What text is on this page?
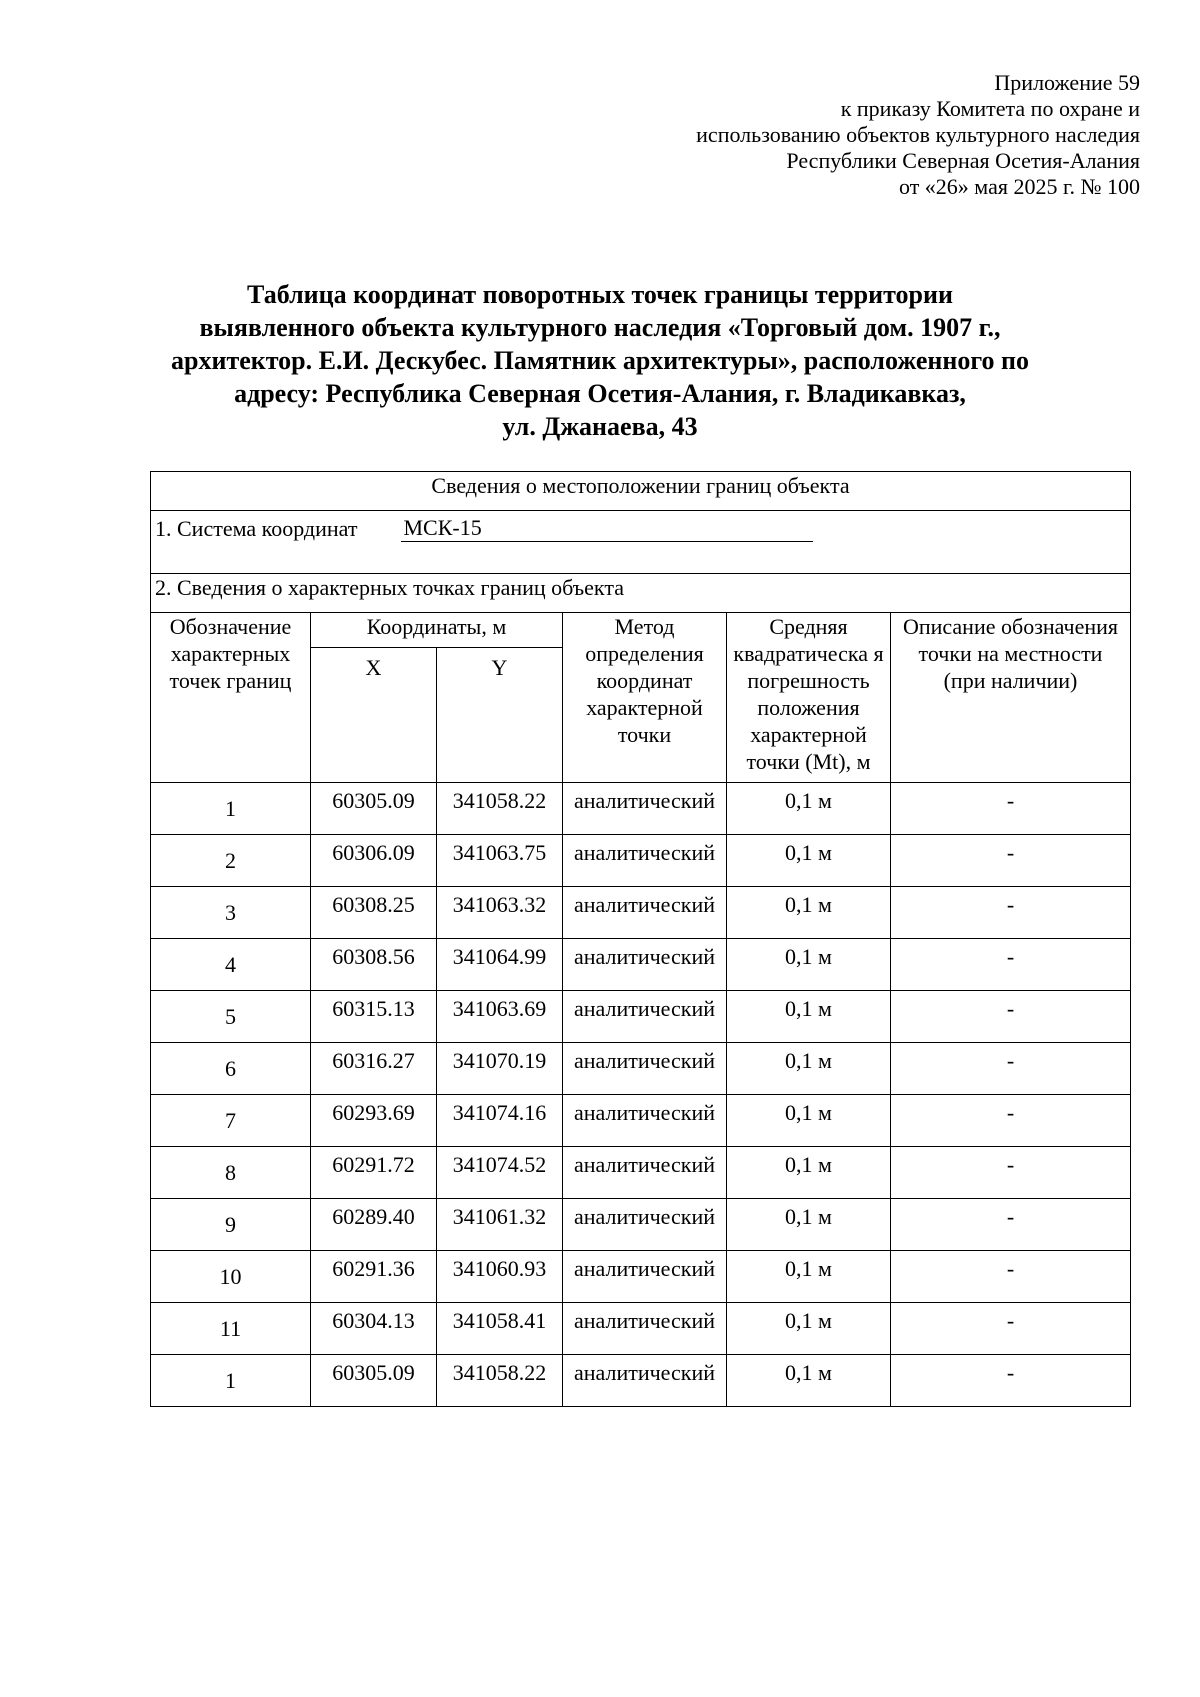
Приложение 59
к приказу Комитета по охране и
использованию объектов культурного наследия
Республики Северная Осетия-Алания
от «26» мая 2025 г. № 100
Таблица координат поворотных точек границы территории
выявленного объекта культурного наследия «Торговый дом. 1907 г.,
архитектор. Е.И. Дескубес. Памятник архитектуры», расположенного по
адресу: Республика Северная Осетия-Алания, г. Владикавказ,
ул. Джанаева, 43
Сведения о местоположении границ объекта					

1. Система координат МСК-15					

2. Сведения о характерных точках границ объекта					
Обозначение характерных точек границ	Координаты, м		Метод определения координат характерной точки	Средняя квадратическа я погрешность положения характерной точки (Mt), м	Описание обозначения точки на местности (при наличии)
	X	Y			
1	60305.09	341058.22	аналитический	0,1 м	-
2	60306.09	341063.75	аналитический	0,1 м	-
3	60308.25	341063.32	аналитический	0,1 м	-
4	60308.56	341064.99	аналитический	0,1 м	-
5	60315.13	341063.69	аналитический	0,1 м	-
6	60316.27	341070.19	аналитический	0,1 м	-
7	60293.69	341074.16	аналитический	0,1 м	-
8	60291.72	341074.52	аналитический	0,1 м	-
9	60289.40	341061.32	аналитический	0,1 м	-
10	60291.36	341060.93	аналитический	0,1 м	-
11	60304.13	341058.41	аналитический	0,1 м	-
1	60305.09	341058.22	аналитический	0,1 м	-
